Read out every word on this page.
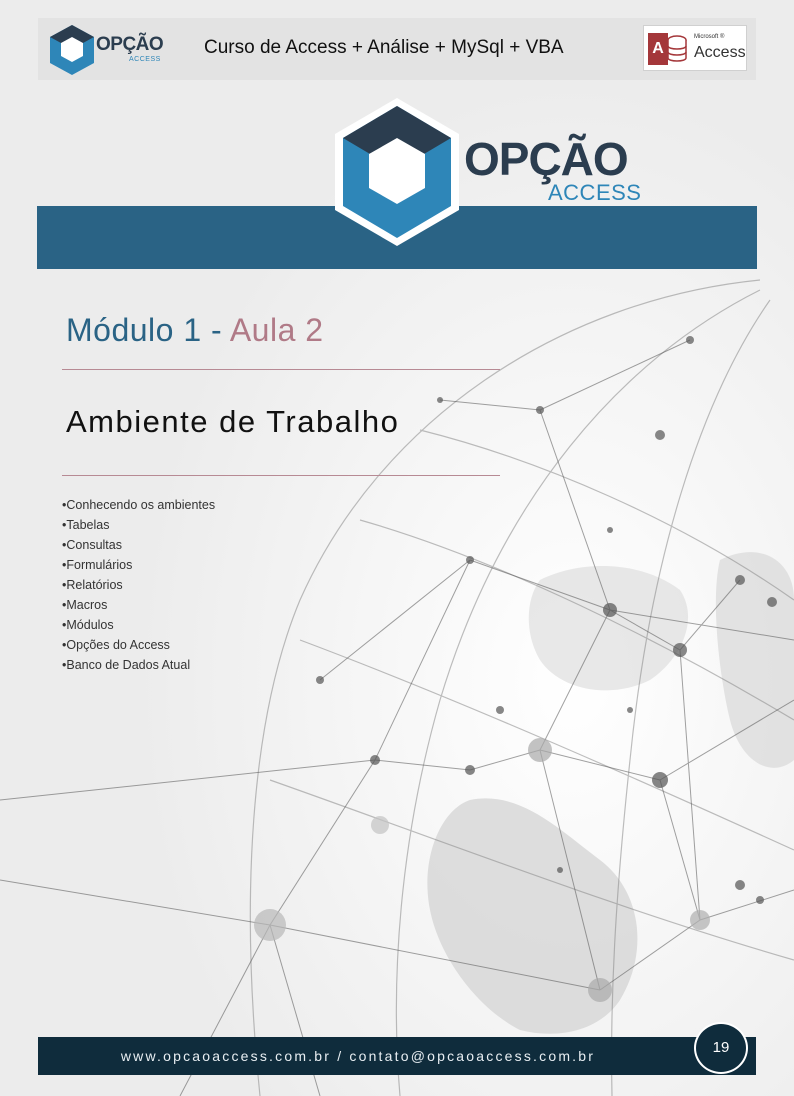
OPÇÃO
ACCESS
Curso de Access + Análise + MySql + VBA	A
Microsoft ®
Access
OPÇÃO
ACCESS
Módulo 1 - Aula 2
Ambiente de Trabalho
• Conhecendo os ambientes
• Tabelas
• Consultas
• Formulários
• Relatórios
• Macros
• Módulos
• Opções do Access
• Banco de Dados Atual
www.opcaoaccess.com.br / contato@opcaoaccess.com.br	19
